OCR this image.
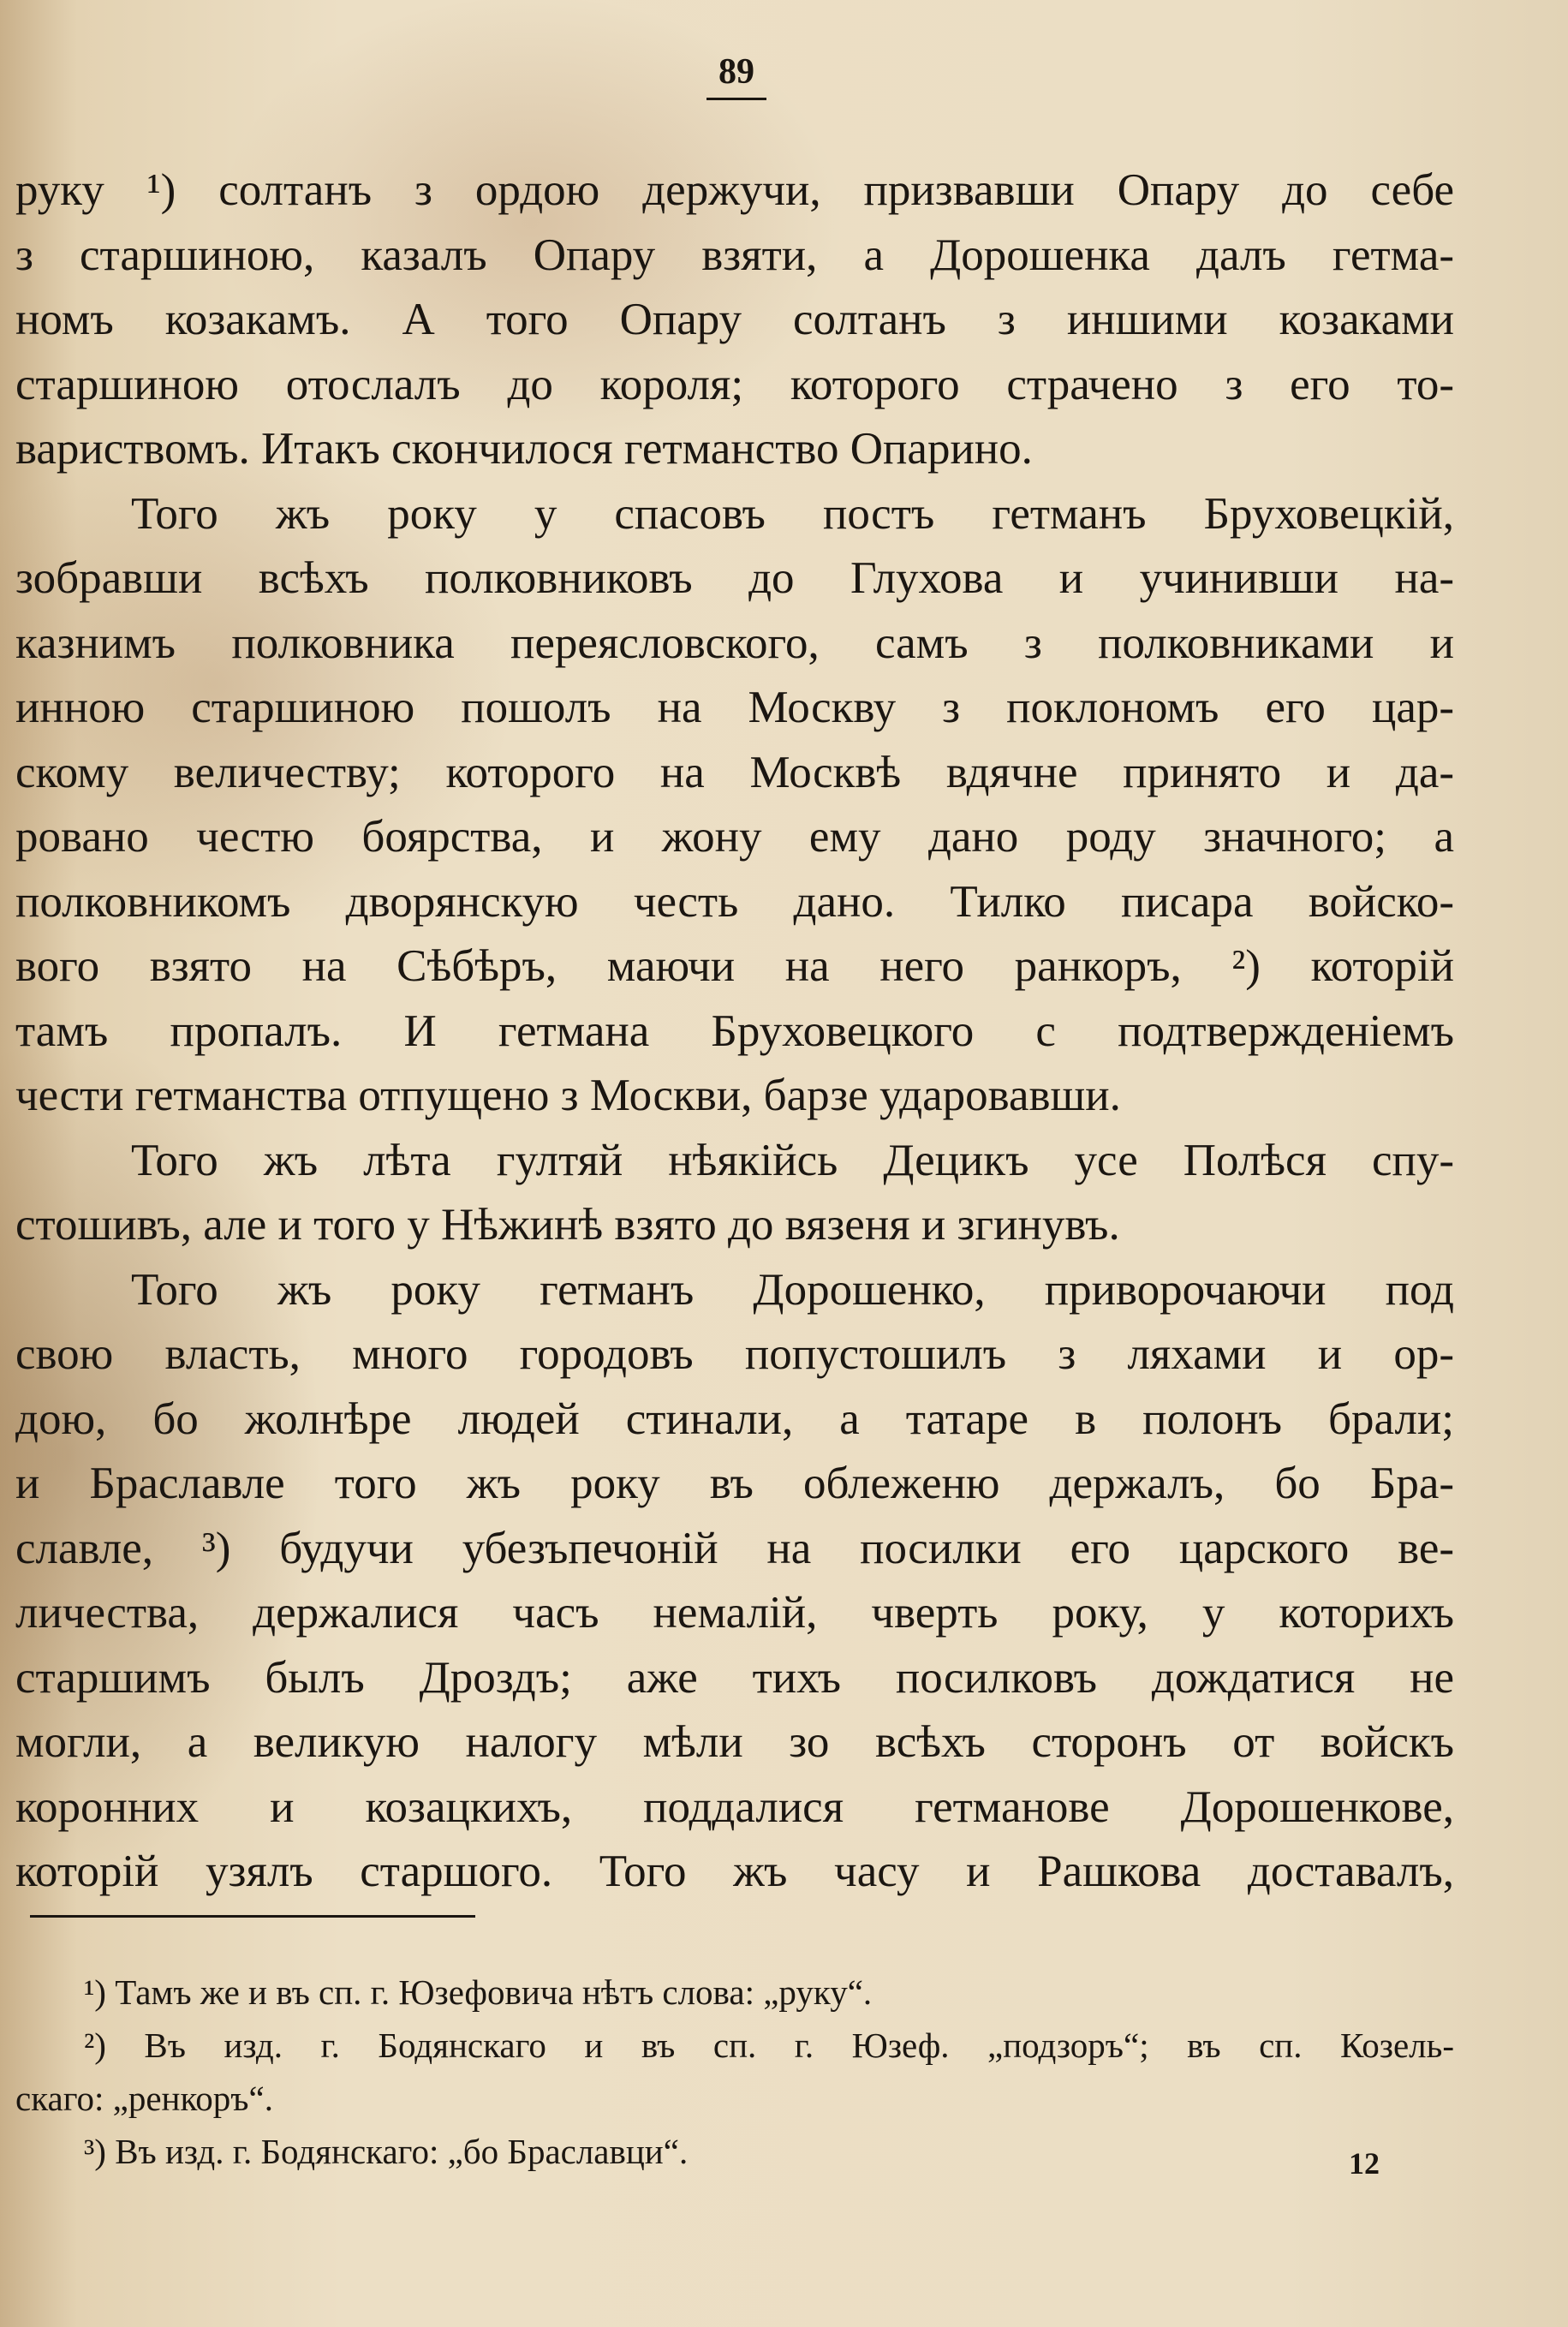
89
руку ¹) солтанъ з ордою держучи, призвавши Опару до себе
з старшиною, казалъ Опару взяти, а Дорошенка далъ гетма-
номъ козакамъ. А того Опару солтанъ з иншими козаками
старшиною отослалъ до короля; которого страчено з его то-
вариствомъ. Итакъ скончилося гетманство Опарино.
Того жъ року у спасовъ постъ гетманъ Бруховецкій,
зобравши всѣхъ полковниковъ до Глухова и учинивши на-
казнимъ полковника переясловского, самъ з полковниками и
инною старшиною пошолъ на Москву з поклономъ его цар-
скому величеству; которого на Москвѣ вдячне принято и да-
ровано честю боярства, и жону ему дано роду значного; а
полковникомъ дворянскую честь дано. Тилко писара войско-
вого взято на Сѣбѣръ, маючи на него ранкоръ, ²) которій
тамъ пропалъ. И гетмана Бруховецкого с подтвержденіемъ
чести гетманства отпущено з Москви, барзе ударовавши.
Того жъ лѣта гултяй нѣякійсь Децикъ усе Полѣся спу-
стошивъ, але и того у Нѣжинѣ взято до вязеня и згинувъ.
Того жъ року гетманъ Дорошенко, приворочаючи под
свою власть, много городовъ попустошилъ з ляхами и ор-
дою, бо жолнѣре людей стинали, а татаре в полонъ брали;
и Браславле того жъ року въ облеженю держалъ, бо Бра-
славле, ³) будучи убезъпечоній на посилки его царского ве-
личества, держалися часъ немалій, чверть року, у которихъ
старшимъ былъ Дроздъ; аже тихъ посилковъ дождатися не
могли, а великую налогу мѣли зо всѣхъ сторонъ от войскъ
коронних и козацкихъ, поддалися гетманове Дорошенкове,
которій узялъ старшого. Того жъ часу и Рашкова доставалъ,
¹) Тамъ же и въ сп. г. Юзефовича нѣтъ слова: „руку“.
²) Въ изд. г. Бодянскаго и въ сп. г. Юзеф. „подзоръ“; въ сп. Козель-
скаго: „ренкоръ“.
³) Въ изд. г. Бодянскаго: „бо Браславци“.	12
